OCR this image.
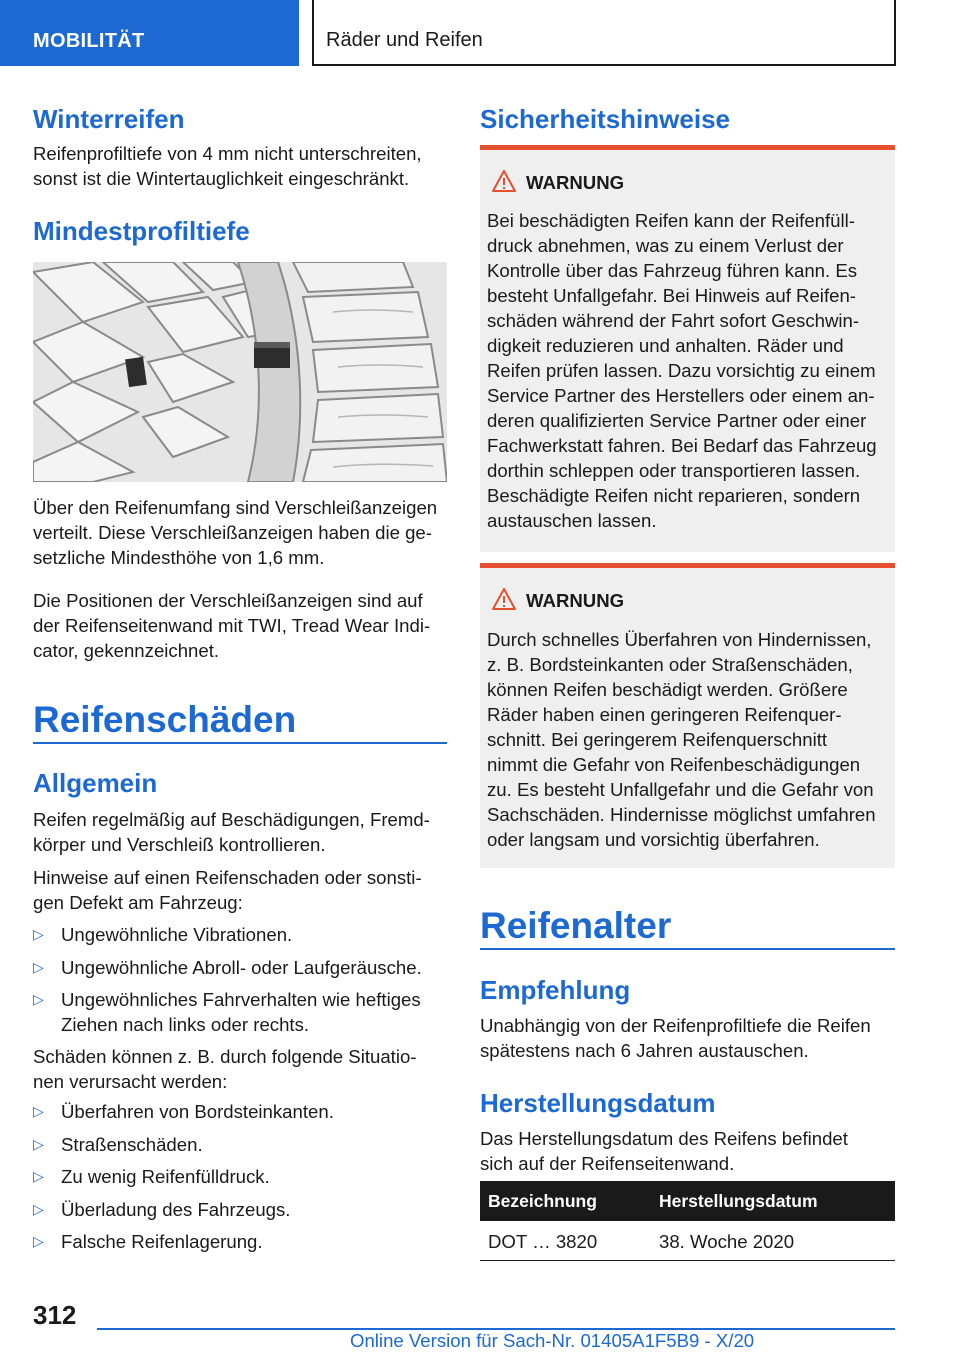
MOBILITÄT	Räder und Reifen
Winterreifen
Reifenprofiltiefe von 4 mm nicht unterschreiten,
sonst ist die Wintertauglichkeit eingeschränkt.
Mindestprofiltiefe
Über den Reifenumfang sind Verschleißanzeigen
verteilt. Diese Verschleißanzeigen haben die ge‐
setzliche Mindesthöhe von 1,6 mm.
Die Positionen der Verschleißanzeigen sind auf
der Reifenseitenwand mit TWI, Tread Wear Indi‐
cator, gekennzeichnet.
Reifenschäden
Allgemein
Reifen regelmäßig auf Beschädigungen, Fremd‐
körper und Verschleiß kontrollieren.
Hinweise auf einen Reifenschaden oder sonsti‐
gen Defekt am Fahrzeug:
▷ Ungewöhnliche Vibrationen.
▷ Ungewöhnliche Abroll- oder Laufgeräusche.
▷ Ungewöhnliches Fahrverhalten wie heftiges
Ziehen nach links oder rechts.
Schäden können z. B. durch folgende Situatio‐
nen verursacht werden:
▷ Überfahren von Bordsteinkanten.
▷ Straßenschäden.
▷ Zu wenig Reifenfülldruck.
▷ Überladung des Fahrzeugs.
▷ Falsche Reifenlagerung.
Sicherheitshinweise
WARNUNG
Bei beschädigten Reifen kann der Reifenfüll‐
druck abnehmen, was zu einem Verlust der
Kontrolle über das Fahrzeug führen kann. Es
besteht Unfallgefahr. Bei Hinweis auf Reifen‐
schäden während der Fahrt sofort Geschwin‐
digkeit reduzieren und anhalten. Räder und
Reifen prüfen lassen. Dazu vorsichtig zu einem
Service Partner des Herstellers oder einem an‐
deren qualifizierten Service Partner oder einer
Fachwerkstatt fahren. Bei Bedarf das Fahrzeug
dorthin schleppen oder transportieren lassen.
Beschädigte Reifen nicht reparieren, sondern
austauschen lassen.
WARNUNG
Durch schnelles Überfahren von Hindernissen,
z. B. Bordsteinkanten oder Straßenschäden,
können Reifen beschädigt werden. Größere
Räder haben einen geringeren Reifenquer‐
schnitt. Bei geringerem Reifenquerschnitt
nimmt die Gefahr von Reifenbeschädigungen
zu. Es besteht Unfallgefahr und die Gefahr von
Sachschäden. Hindernisse möglichst umfahren
oder langsam und vorsichtig überfahren.
Reifenalter
Empfehlung
Unabhängig von der Reifenprofiltiefe die Reifen
spätestens nach 6 Jahren austauschen.
Herstellungsdatum
Das Herstellungsdatum des Reifens befindet
sich auf der Reifenseitenwand.
Bezeichnung	Herstellungsdatum
DOT … 3820	38. Woche 2020
312
Online Version für Sach-Nr. 01405A1F5B9 - X/20
